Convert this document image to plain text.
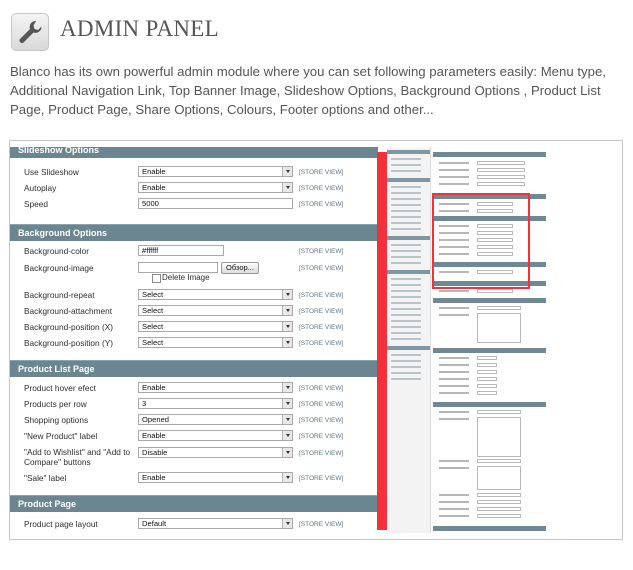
ADMIN PANEL
Blanco has its own powerful admin module where you can set following parameters easily: Menu type, Additional Navigation Link, Top Banner Image, Slideshow Options, Background Options , Product List Page, Product Page, Share Options, Colours, Footer options and other...
Slideshow Options
Use Slideshow	Enable	[STORE VIEW]
Autoplay	Enable	[STORE VIEW]
Speed	5000	[STORE VIEW]
Background Options
Background-color	#ffffff	[STORE VIEW]
Background-image	Обзор...	[STORE VIEW]
Delete Image
Background-repeat	Select	[STORE VIEW]
Background-attachment	Select	[STORE VIEW]
Background-position (X)	Select	[STORE VIEW]
Background-position (Y)	Select	[STORE VIEW]
Product List Page
Product hover efect	Enable	[STORE VIEW]
Products per row	3	[STORE VIEW]
Shopping options	Opened	[STORE VIEW]
"New Product" label	Enable	[STORE VIEW]
"Add to Wishlist" and "Add to
Compare" buttons
Disable	[STORE VIEW]
"Sale" label	Enable	[STORE VIEW]
Product Page
Product page layout	Default	[STORE VIEW]
